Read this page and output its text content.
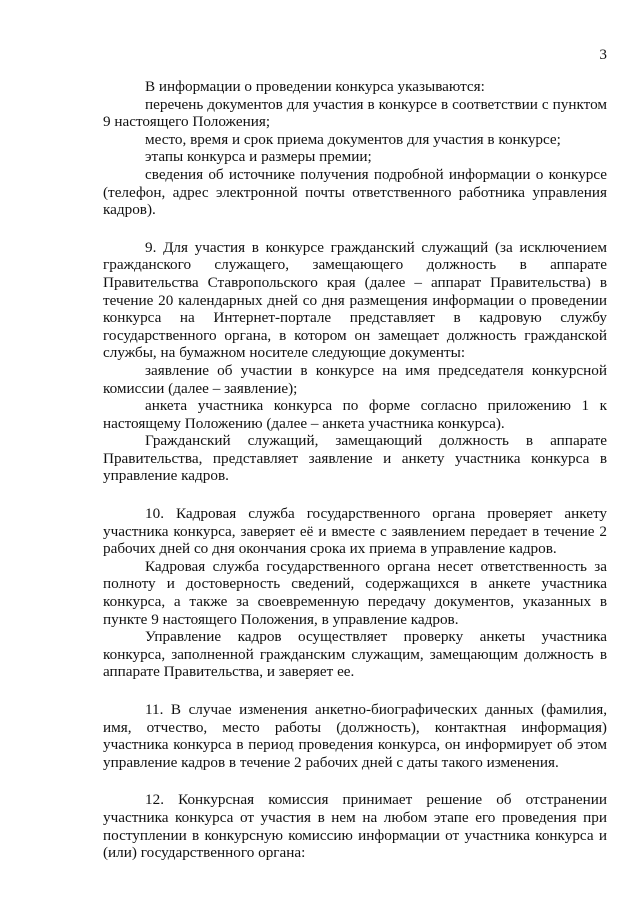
3

В информации о проведении конкурса указываются:

перечень документов для участия в конкурсе в соответствии с пунктом 9 настоящего Положения;

место, время и срок приема документов для участия в конкурсе;

этапы конкурса и размеры премии;

сведения об источнике получения подробной информации о конкурсе (телефон, адрес электронной почты ответственного работника управления кадров).

9. Для участия в конкурсе гражданский служащий (за исключением гражданского служащего, замещающего должность в аппарате Правительства Ставропольского края (далее – аппарат Правительства) в течение 20 календарных дней со дня размещения информации о проведении конкурса на Интернет-портале представляет в кадровую службу государственного органа, в котором он замещает должность гражданской службы, на бумажном носителе следующие документы:

заявление об участии в конкурсе на имя председателя конкурсной комиссии (далее – заявление);

анкета участника конкурса по форме согласно приложению 1 к настоящему Положению (далее – анкета участника конкурса).

Гражданский служащий, замещающий должность в аппарате Правительства, представляет заявление и анкету участника конкурса в управление кадров.

10. Кадровая служба государственного органа проверяет анкету участника конкурса, заверяет её и вместе с заявлением передает в течение 2 рабочих дней со дня окончания срока их приема в управление кадров.

Кадровая служба государственного органа несет ответственность за полноту и достоверность сведений, содержащихся в анкете участника конкурса, а также за своевременную передачу документов, указанных в пункте 9 настоящего Положения, в управление кадров.

Управление кадров осуществляет проверку анкеты участника конкурса, заполненной гражданским служащим, замещающим должность в аппарате Правительства, и заверяет ее.

11. В случае изменения анкетно-биографических данных (фамилия, имя, отчество, место работы (должность), контактная информация) участника конкурса в период проведения конкурса, он информирует об этом управление кадров в течение 2 рабочих дней с даты такого изменения.

12. Конкурсная комиссия принимает решение об отстранении участника конкурса от участия в нем на любом этапе его проведения при поступлении в конкурсную комиссию информации от участника конкурса и (или) государственного органа:
